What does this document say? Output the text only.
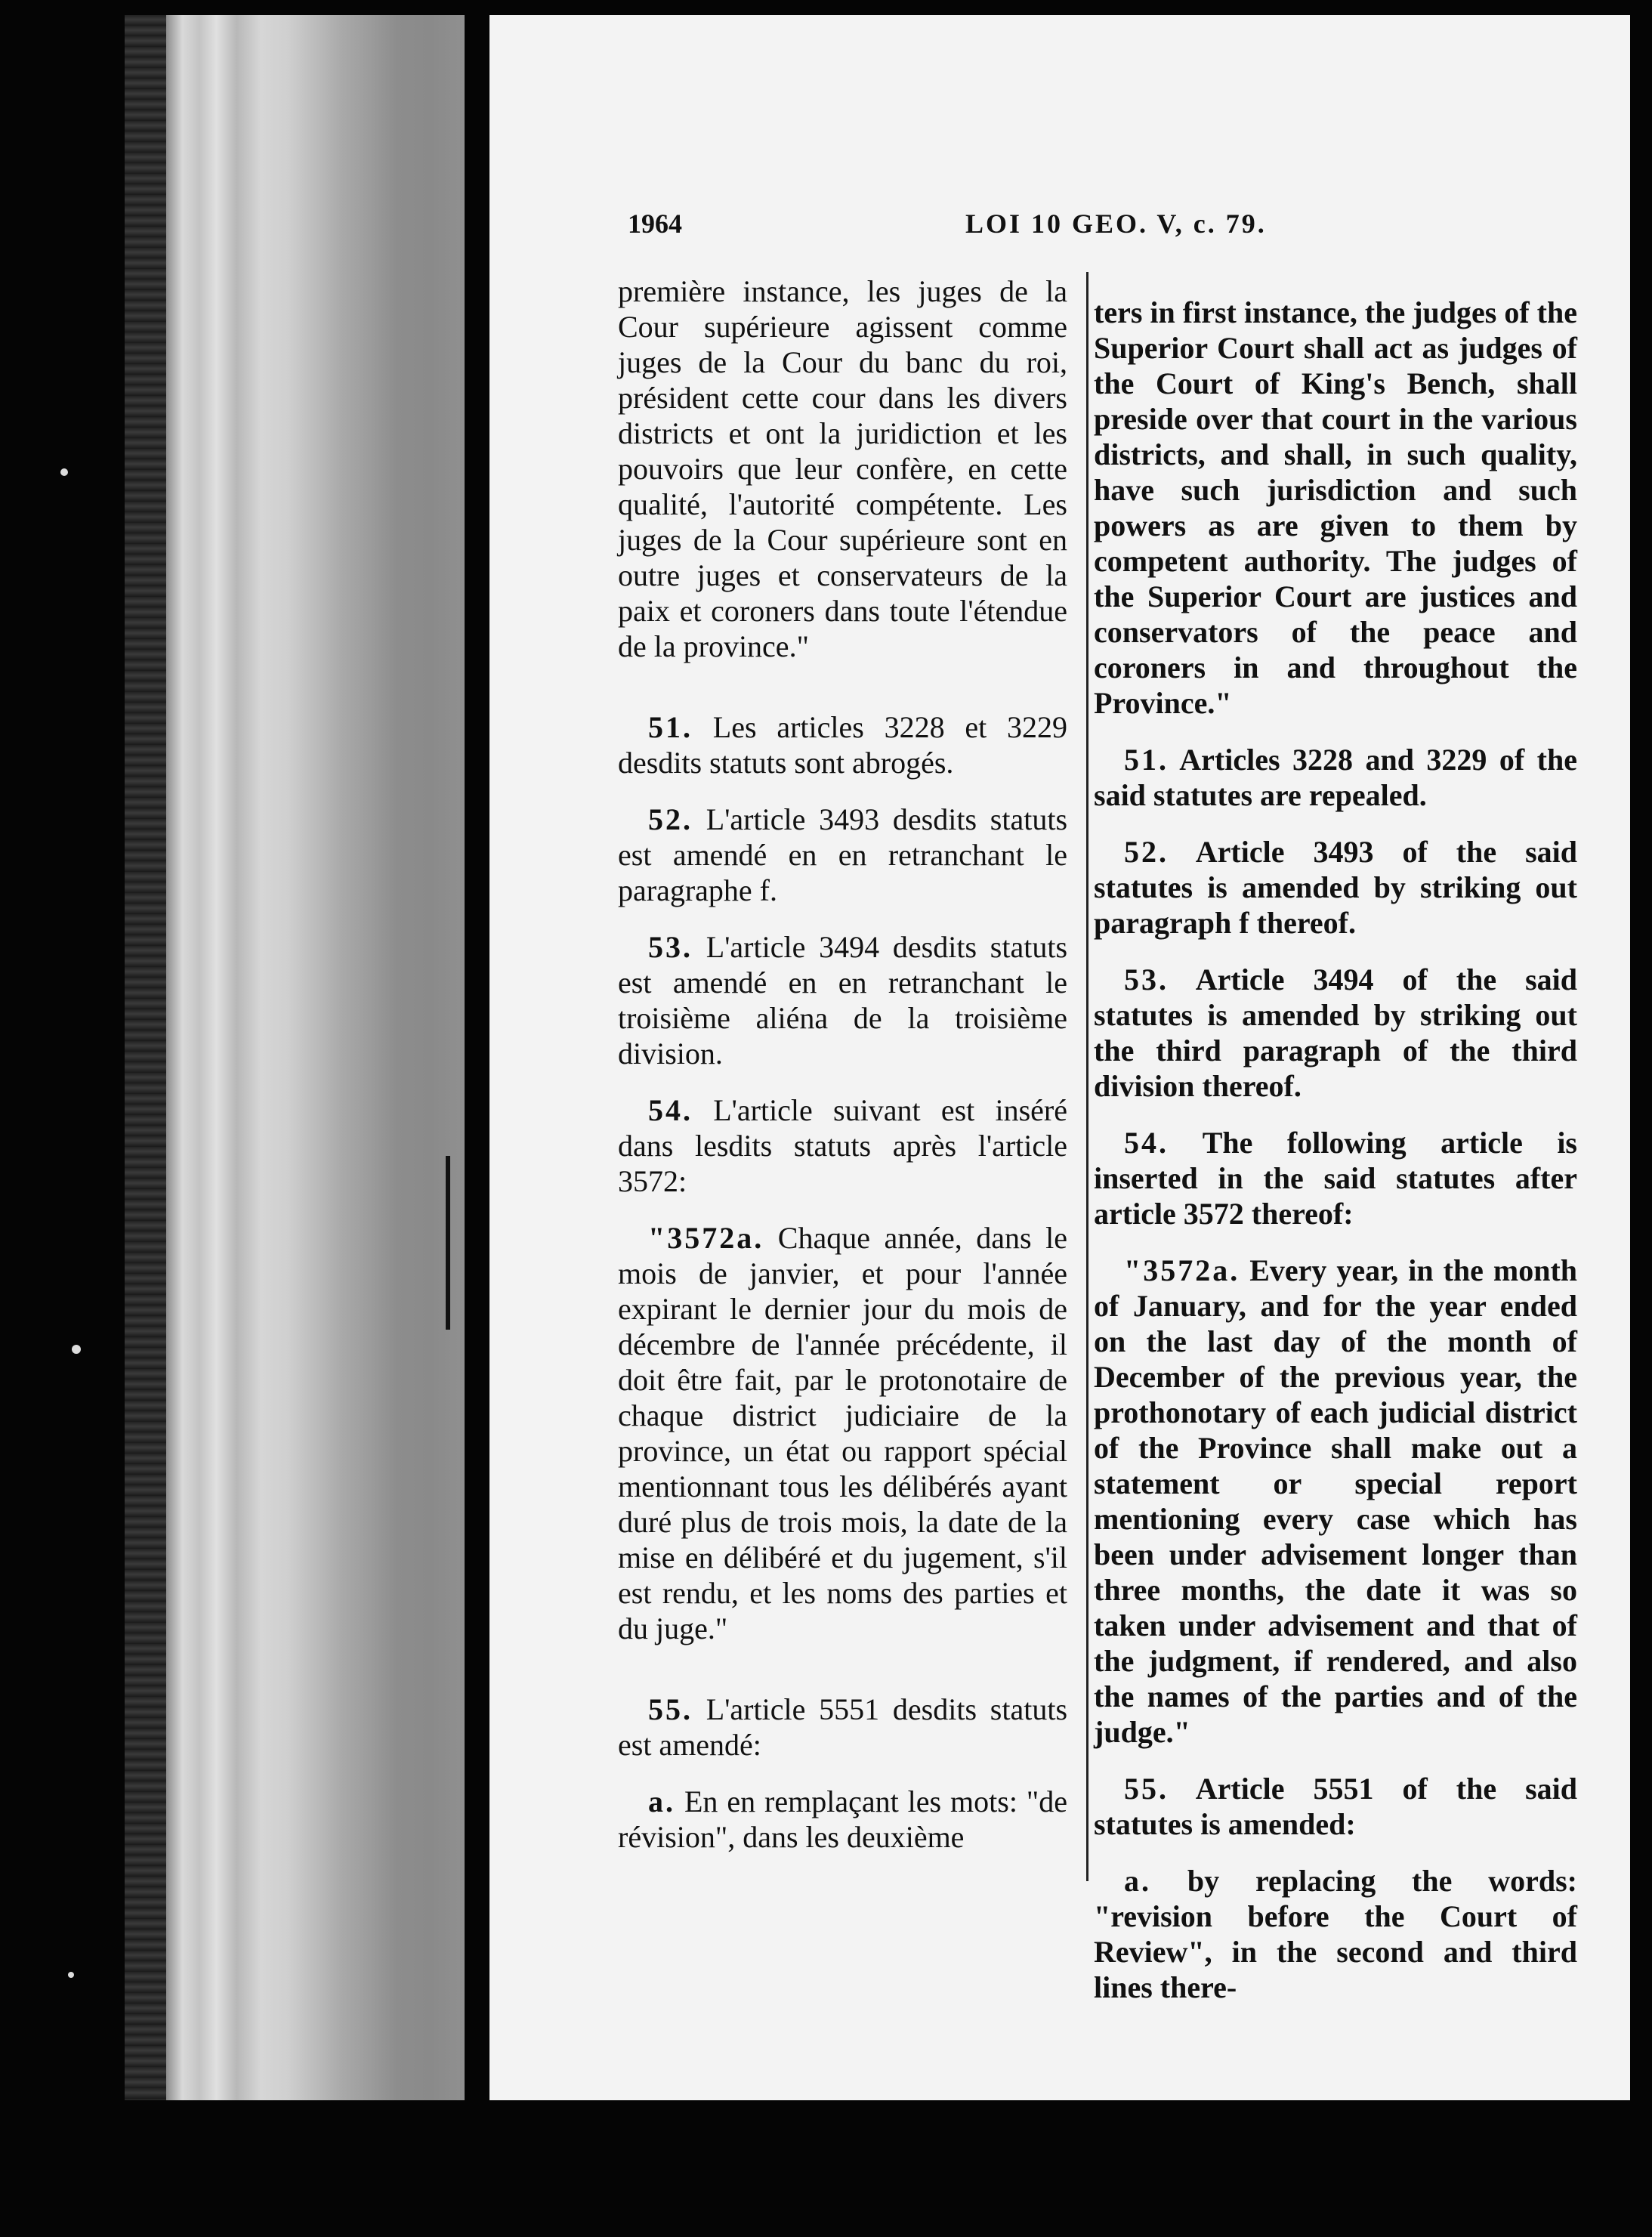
1964	LOI 10 GEO. V, c. 79.

première instance, les juges de la Cour supérieure agissent comme juges de la Cour du banc du roi, président cette cour dans les divers districts et ont la juridiction et les pouvoirs que leur confère, en cette qualité, l'autorité compétente. Les juges de la Cour supérieure sont en outre juges et conservateurs de la paix et coroners dans toute l'étendue de la province."

51. Les articles 3228 et 3229 desdits statuts sont abrogés.

52. L'article 3493 desdits statuts est amendé en en retranchant le paragraphe f.

53. L'article 3494 desdits statuts est amendé en en retranchant le troisième aliéna de la troisième division.

54. L'article suivant est inséré dans lesdits statuts après l'article 3572:

"3572a. Chaque année, dans le mois de janvier, et pour l'année expirant le dernier jour du mois de décembre de l'année précédente, il doit être fait, par le protonotaire de chaque district judiciaire de la province, un état ou rapport spécial mentionnant tous les délibérés ayant duré plus de trois mois, la date de la mise en délibéré et du jugement, s'il est rendu, et les noms des parties et du juge."

55. L'article 5551 desdits statuts est amendé:

a. En en remplaçant les mots: "de révision", dans les deuxième

ters in first instance, the judges of the Superior Court shall act as judges of the Court of King's Bench, shall preside over that court in the various districts, and shall, in such quality, have such jurisdiction and such powers as are given to them by competent authority. The judges of the Superior Court are justices and conservators of the peace and coroners in and throughout the Province."

51. Articles 3228 and 3229 of the said statutes are repealed.

52. Article 3493 of the said statutes is amended by striking out paragraph f thereof.

53. Article 3494 of the said statutes is amended by striking out the third paragraph of the third division thereof.

54. The following article is inserted in the said statutes after article 3572 thereof:

"3572a. Every year, in the month of January, and for the year ended on the last day of the month of December of the previous year, the prothonotary of each judicial district of the Province shall make out a statement or special report mentioning every case which has been under advisement longer than three months, the date it was so taken under advisement and that of the judgment, if rendered, and also the names of the parties and of the judge."

55. Article 5551 of the said statutes is amended:

a. by replacing the words: "revision before the Court of Review", in the second and third lines there-
